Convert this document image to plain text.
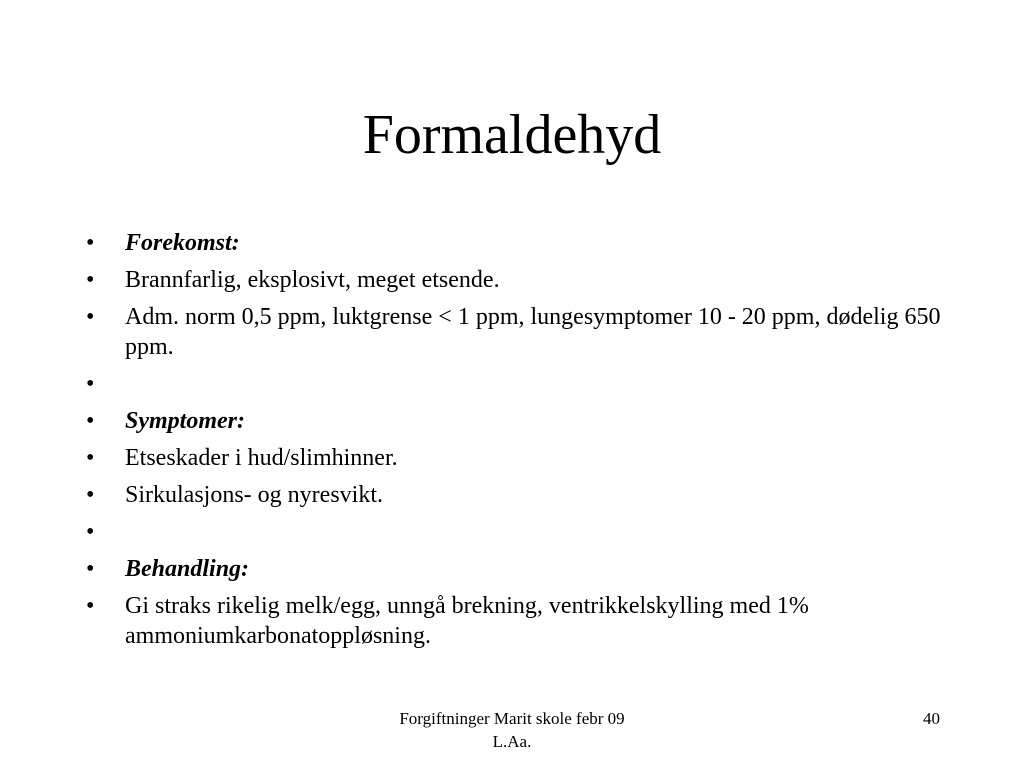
Formaldehyd
•	Forekomst:
•	Brannfarlig, eksplosivt, meget etsende.
•	Adm. norm 0,5 ppm, luktgrense < 1 ppm, lungesymptomer 10 - 20 ppm, dødelig 650 ppm.
•
•	Symptomer:
•	Etseskader i hud/slimhinner.
•	Sirkulasjons- og nyresvikt.
•
•	Behandling:
•	Gi straks rikelig melk/egg, unngå brekning, ventrikkelskylling med 1% ammoniumkarbonatoppløsning.
Forgiftninger Marit skole febr 09
L.Aa.
40
